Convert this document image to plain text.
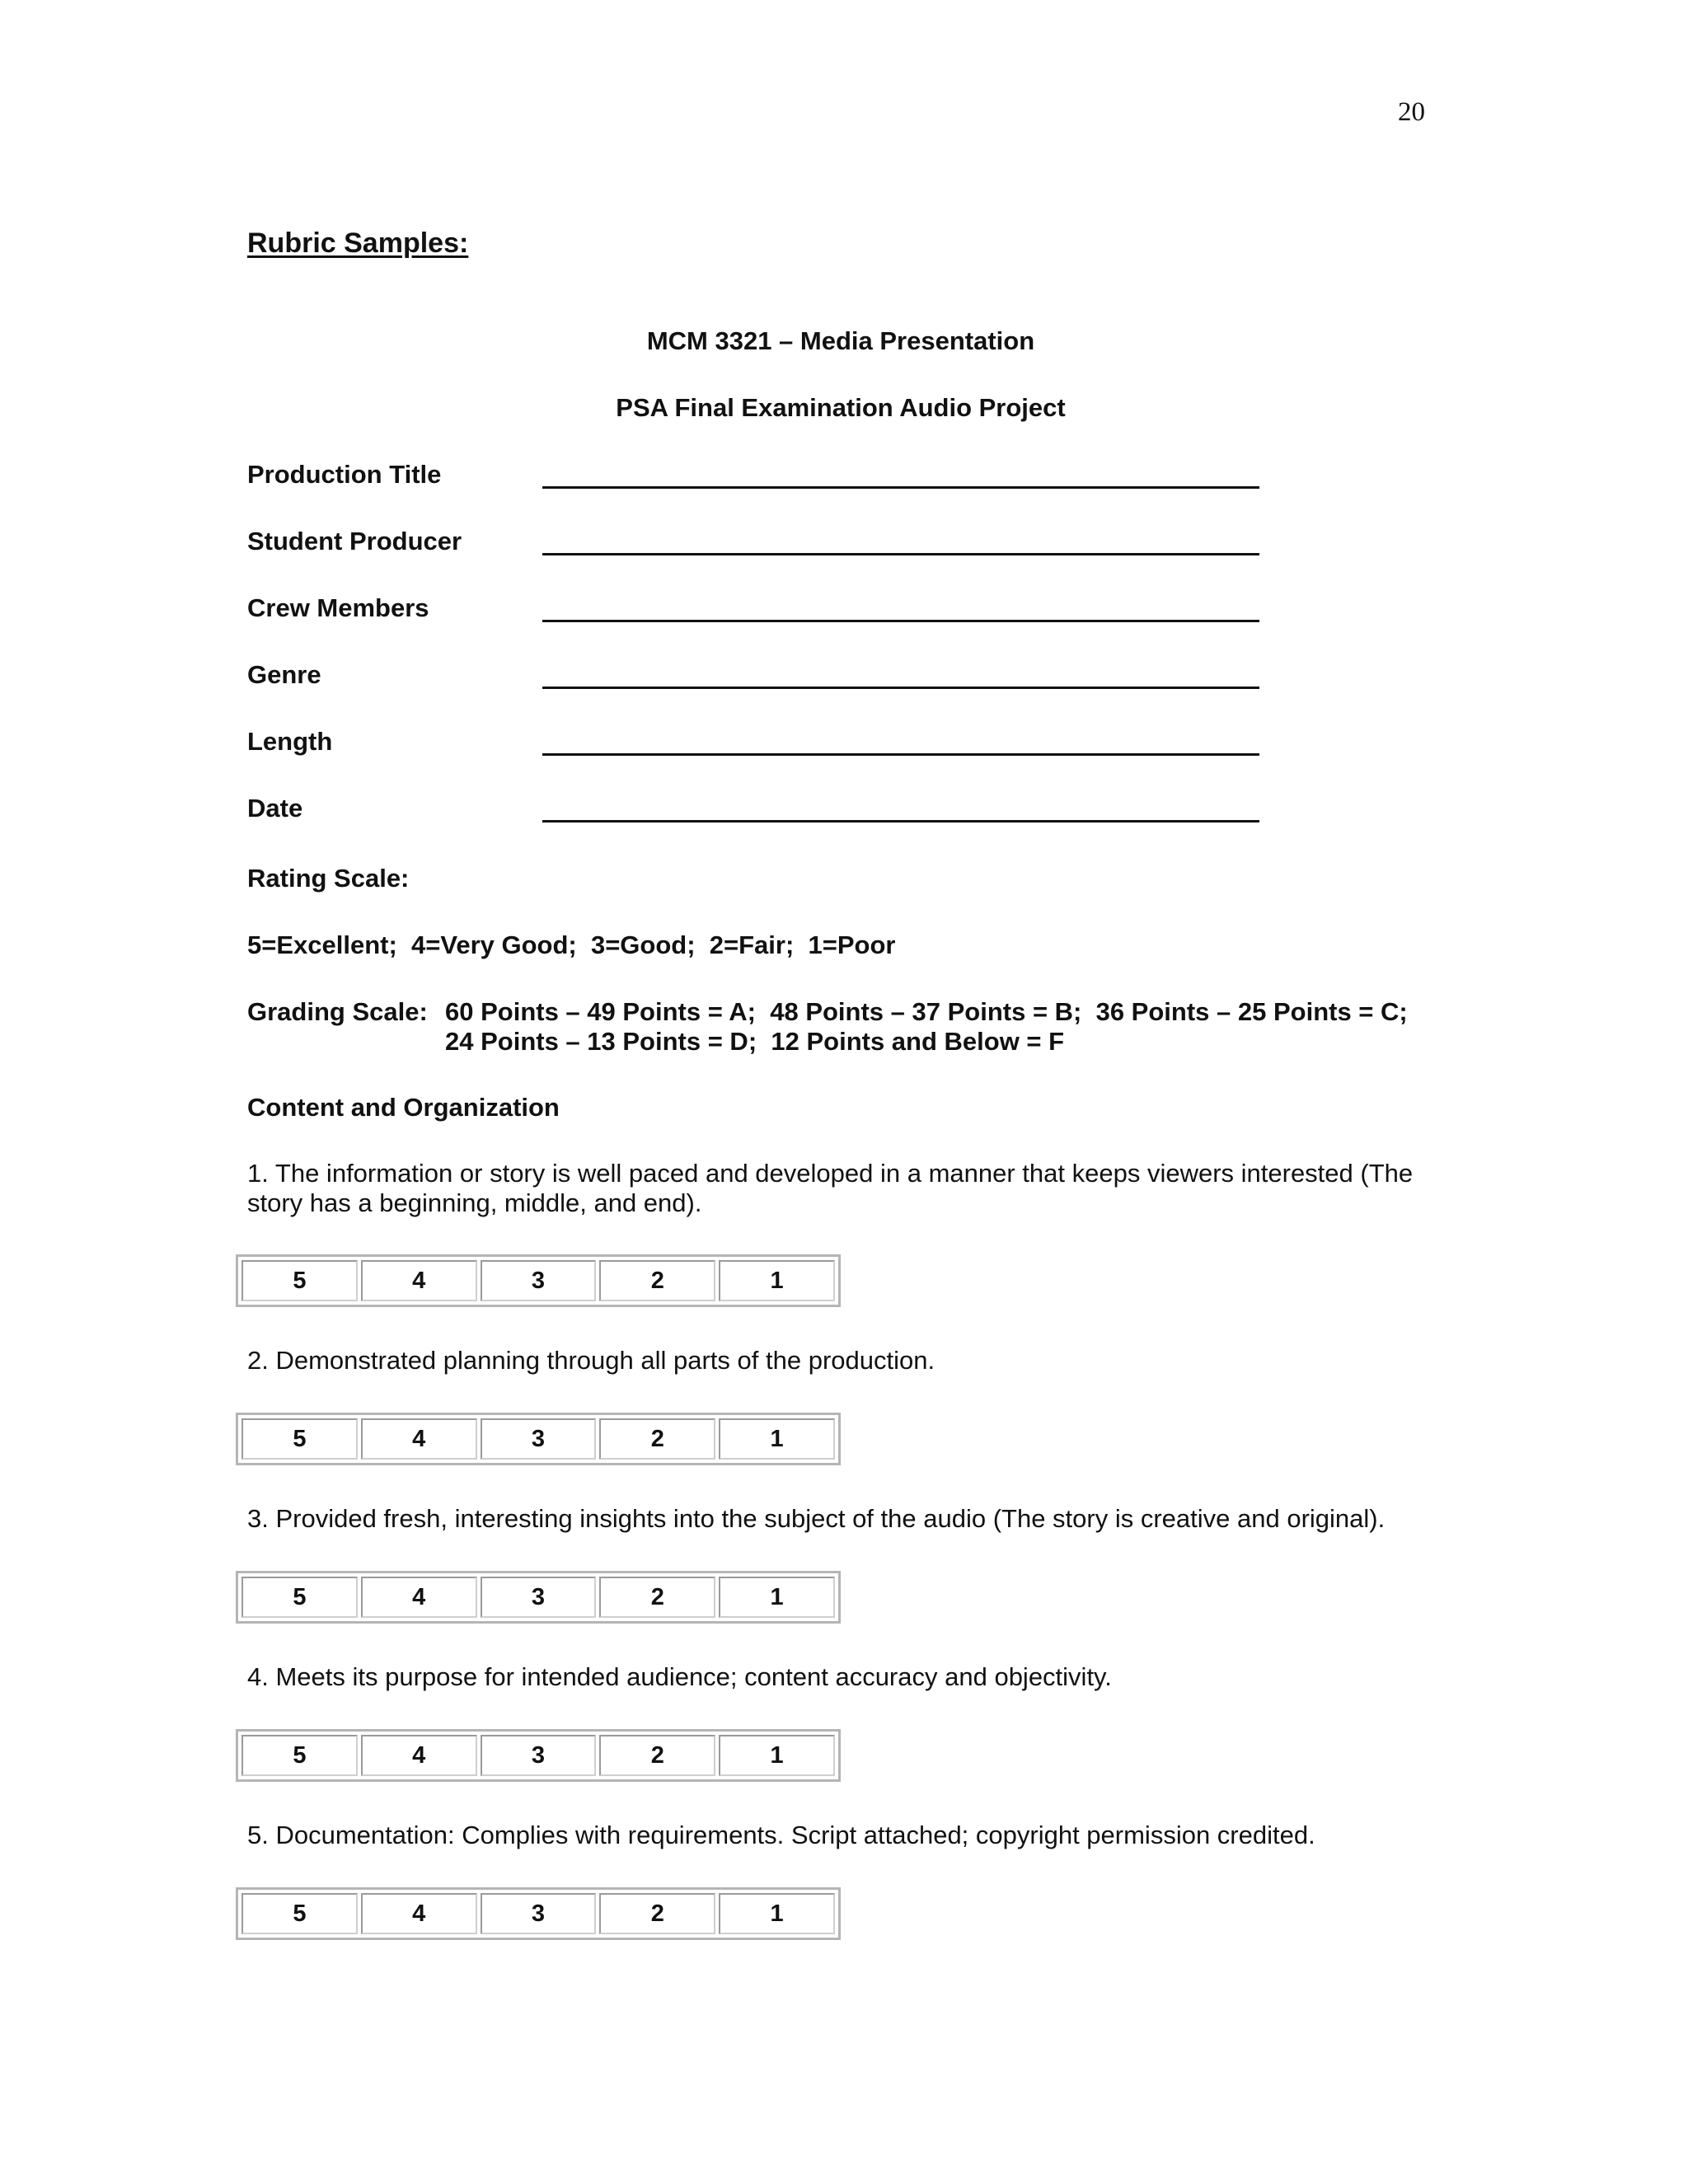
20
Rubric Samples:
MCM 3321 – Media Presentation
PSA Final Examination Audio Project
Production Title
Student Producer
Crew Members
Genre
Length
Date
Rating Scale:
5=Excellent;  4=Very Good;  3=Good;  2=Fair;  1=Poor
Grading Scale: 60 Points – 49 Points = A;  48 Points – 37 Points = B;  36 Points – 25 Points = C;
24 Points – 13 Points = D;  12 Points and Below = F
Content and Organization
1. The information or story is well paced and developed in a manner that keeps viewers interested (The story has a beginning, middle, and end).
5	4	3	2	1
2. Demonstrated planning through all parts of the production.
5	4	3	2	1
3. Provided fresh, interesting insights into the subject of the audio (The story is creative and original).
5	4	3	2	1
4. Meets its purpose for intended audience; content accuracy and objectivity.
5	4	3	2	1
5. Documentation: Complies with requirements. Script attached; copyright permission credited.
5	4	3	2	1
